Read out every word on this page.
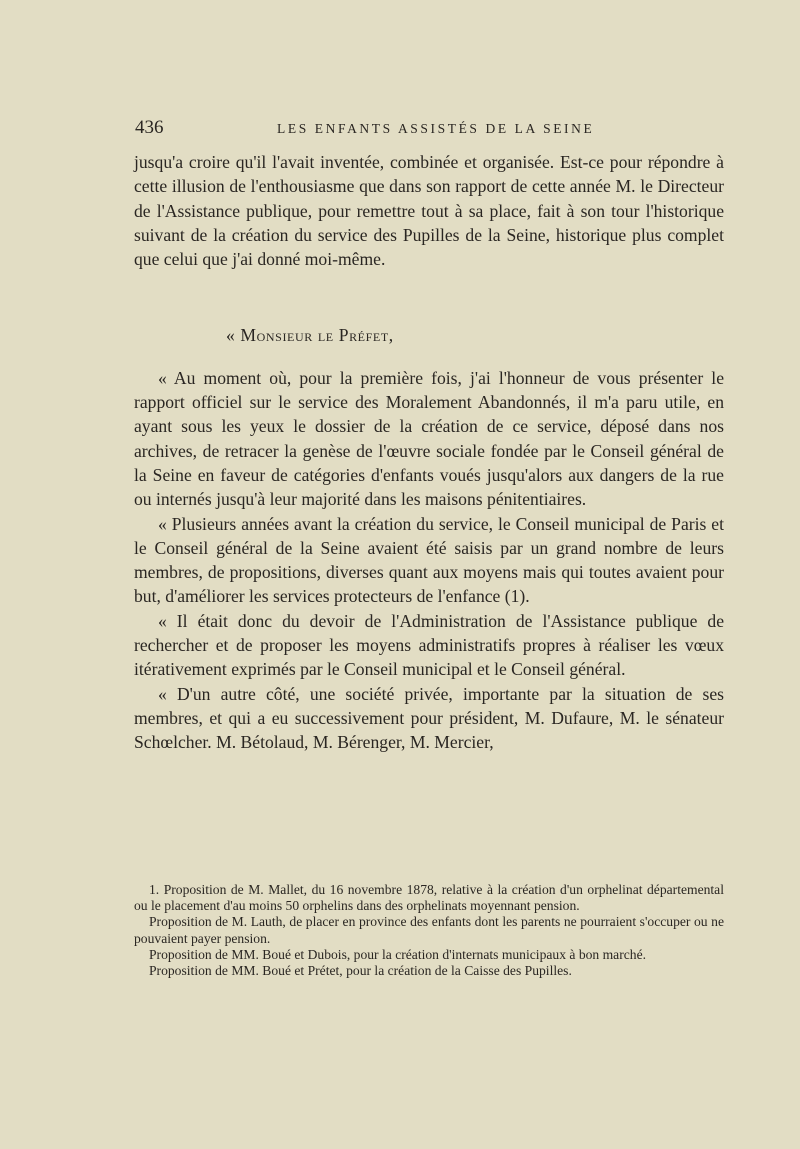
436	LES ENFANTS ASSISTÉS DE LA SEINE

jusqu'a croire qu'il l'avait inventée, combinée et organisée. Est-ce pour répondre à cette illusion de l'enthousiasme que dans son rapport de cette année M. le Directeur de l'Assistance publique, pour remettre tout à sa place, fait à son tour l'historique suivant de la création du service des Pupilles de la Seine, historique plus complet que celui que j'ai donné moi-même.

« Monsieur le Préfet,

« Au moment où, pour la première fois, j'ai l'honneur de vous présenter le rapport officiel sur le service des Moralement Abandonnés, il m'a paru utile, en ayant sous les yeux le dossier de la création de ce service, déposé dans nos archives, de retracer la genèse de l'œuvre sociale fondée par le Conseil général de la Seine en faveur de catégories d'enfants voués jusqu'alors aux dangers de la rue ou internés jusqu'à leur majorité dans les maisons pénitentiaires.

« Plusieurs années avant la création du service, le Conseil municipal de Paris et le Conseil général de la Seine avaient été saisis par un grand nombre de leurs membres, de propositions, diverses quant aux moyens mais qui toutes avaient pour but, d'améliorer les services protecteurs de l'enfance (1).

« Il était donc du devoir de l'Administration de l'Assistance publique de rechercher et de proposer les moyens administratifs propres à réaliser les vœux itérativement exprimés par le Conseil municipal et le Conseil général.

« D'un autre côté, une société privée, importante par la situation de ses membres, et qui a eu successivement pour président, M. Dufaure, M. le sénateur Schœlcher. M. Bétolaud, M. Bérenger, M. Mercier,

1. Proposition de M. Mallet, du 16 novembre 1878, relative à la création d'un orphelinat départemental ou le placement d'au moins 50 orphelins dans des orphelinats moyennant pension.

Proposition de M. Lauth, de placer en province des enfants dont les parents ne pourraient s'occuper ou ne pouvaient payer pension.

Proposition de MM. Boué et Dubois, pour la création d'internats municipaux à bon marché.

Proposition de MM. Boué et Prétet, pour la création de la Caisse des Pupilles.
